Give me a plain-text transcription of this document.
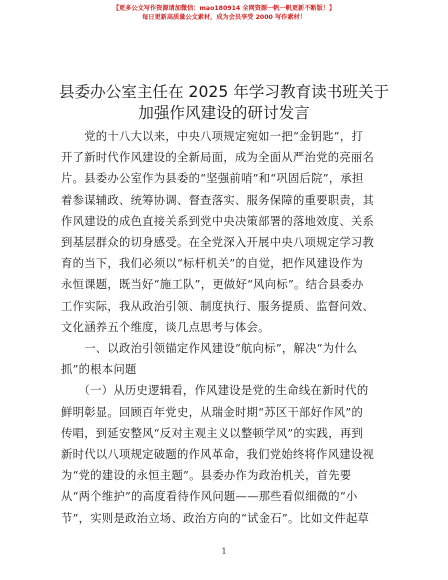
【更多公文写作资源请加微信：mao180914 全网资源一帆一帆更新不断版！】
每日更新高质量公文素材，成为会员享受 2000 写作素材！
县委办公室主任在 2025 年学习教育读书班关于
加强作风建设的研讨发言

　　党的十八大以来，中央八项规定宛如一把“金钥匙”，打
开了新时代作风建设的全新局面，成为全面从严治党的亮丽名
片。县委办公室作为县委的“坚强前哨”和“巩固后院”，承担
着参谋辅政、统筹协调、督查落实、服务保障的重要职责，其
作风建设的成色直接关系到党中央决策部署的落地效度、关系
到基层群众的切身感受。在全党深入开展中央八项规定学习教
育的当下，我们必须以“标杆机关”的自觉，把作风建设作为
永恒课题，既当好“施工队”，更做好“风向标”。结合县委办
工作实际，我从政治引领、制度执行、服务提质、监督问效、
文化涵养五个维度，谈几点思考与体会。

　　一、以政治引领锚定作风建设“航向标”，解决“为什么
抓”的根本问题

　　（一）从历史逻辑看，作风建设是党的生命线在新时代的
鲜明彰显。回顾百年党史，从瑞金时期“苏区干部好作风”的
传唱，到延安整风“反对主观主义以整顿学风”的实践，再到
新时代以八项规定破题的作风革命，我们党始终将作风建设视
为“党的建设的永恒主题”。县委办作为政治机关，首先要
从“两个维护”的高度看待作风问题——那些看似细微的“小
节”，实则是政治立场、政治方向的“试金石”。比如文件起草

1
